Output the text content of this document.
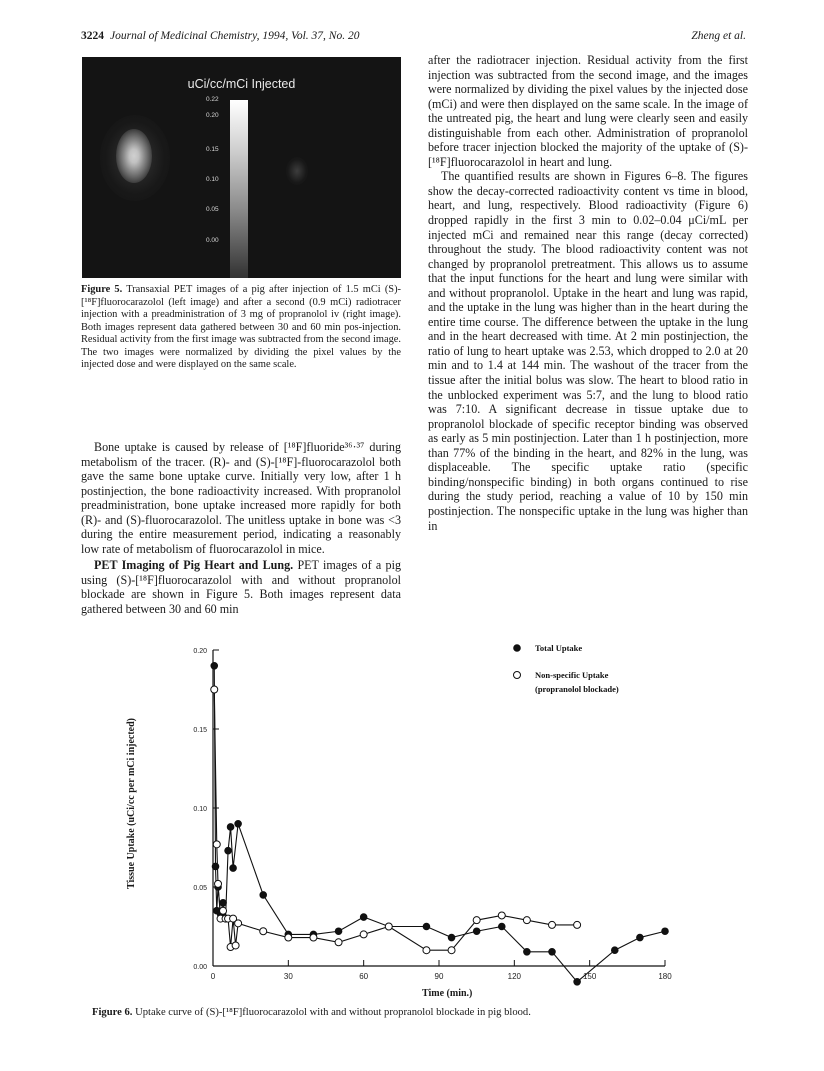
3224 Journal of Medicinal Chemistry, 1994, Vol. 37, No. 20	Zheng et al.
uCi/cc/mCi Injected
0.22
0.20
0.15
0.10
0.05
0.00
Figure 5. Transaxial PET images of a pig after injection of 1.5 mCi (S)-[¹⁸F]fluorocarazolol (left image) and after a second (0.9 mCi) radiotracer injection with a preadministration of 3 mg of propranolol iv (right image). Both images represent data gathered between 30 and 60 min pos-injection. Residual activity from the first image was subtracted from the second image. The two images were normalized by dividing the pixel values by the injected dose and were displayed on the same scale.

Bone uptake is caused by release of [¹⁸F]fluoride³⁶·³⁷ during metabolism of the tracer. (R)- and (S)-[¹⁸F]-fluorocarazolol both gave the same bone uptake curve. Initially very low, after 1 h postinjection, the bone radioactivity increased. With propranolol preadministration, bone uptake increased more rapidly for both (R)- and (S)-fluorocarazolol. The unitless uptake in bone was <3 during the entire measurement period, indicating a reasonably low rate of metabolism of fluorocarazolol in mice.

PET Imaging of Pig Heart and Lung. PET images of a pig using (S)-[¹⁸F]fluorocarazolol with and without propranolol blockade are shown in Figure 5. Both images represent data gathered between 30 and 60 min

after the radiotracer injection. Residual activity from the first injection was subtracted from the second image, and the images were normalized by dividing the pixel values by the injected dose (mCi) and were then displayed on the same scale. In the image of the untreated pig, the heart and lung were clearly seen and easily distinguishable from each other. Administration of propranolol before tracer injection blocked the majority of the uptake of (S)-[¹⁸F]fluorocarazolol in heart and lung.

The quantified results are shown in Figures 6–8. The figures show the decay-corrected radioactivity content vs time in blood, heart, and lung, respectively. Blood radioactivity (Figure 6) dropped rapidly in the first 3 min to 0.02–0.04 μCi/mL per injected mCi and remained near this range (decay corrected) throughout the study. The blood radioactivity content was not changed by propranolol pretreatment. This allows us to assume that the input functions for the heart and lung were similar with and without propranolol. Uptake in the heart and lung was rapid, and the uptake in the lung was higher than in the heart during the entire time course. The difference between the uptake in the lung and in the heart decreased with time. At 2 min postinjection, the ratio of lung to heart uptake was 2.53, which dropped to 2.0 at 20 min and to 1.4 at 144 min. The washout of the tracer from the tissue after the initial bolus was slow. The heart to blood ratio in the unblocked experiment was 5:7, and the lung to blood ratio was 7:10. A significant decrease in tissue uptake due to propranolol blockade of specific receptor binding was observed as early as 5 min postinjection. Later than 1 h postinjection, more than 77% of the binding in the heart, and 82% in the lung, was displaceable. The specific uptake ratio (specific binding/nonspecific binding) in both organs continued to rise during the study period, reaching a value of 10 by 150 min postinjection. The nonspecific uptake in the lung was higher than in

0	30	60	90	120	150	180
0.00
0.05
0.10
0.15
0.20	Total Uptake
Non-specific Uptake
(propranolol blockade)
Tissue Uptake (uCi/cc per mCi injected)
Time (min.)
Figure 6. Uptake curve of (S)-[¹⁸F]fluorocarazolol with and without propranolol blockade in pig blood.
